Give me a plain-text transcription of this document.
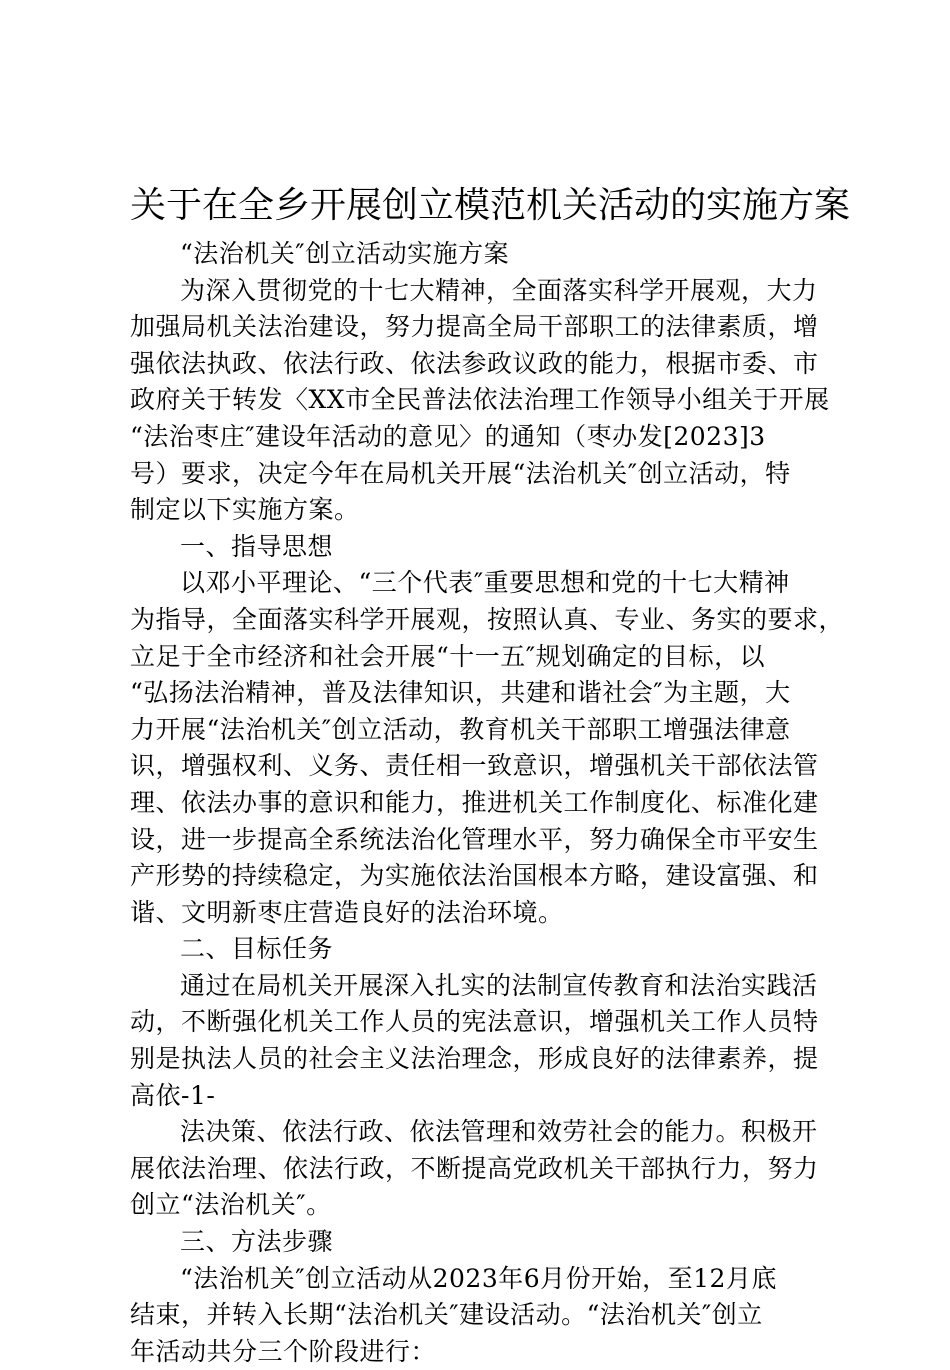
关于在全乡开展创立模范机关活动的实施方案
“法治机关″创立活动实施方案
为深入贯彻党的十七大精神，全面落实科学开展观，大力
加强局机关法治建设，努力提高全局干部职工的法律素质，增
强依法执政、依法行政、依法参政议政的能力，根据市委、市
政府关于转发〈XX市全民普法依法治理工作领导小组关于开展
“法治枣庄″建设年活动的意见〉的通知（枣办发[2023]3
号）要求，决定今年在局机关开展“法治机关″创立活动，特
制定以下实施方案。
一、指导思想
以邓小平理论、“三个代表″重要思想和党的十七大精神
为指导，全面落实科学开展观，按照认真、专业、务实的要求，
立足于全市经济和社会开展“十一五″规划确定的目标，以
“弘扬法治精神，普及法律知识，共建和谐社会″为主题，大
力开展“法治机关″创立活动，教育机关干部职工增强法律意
识，增强权利、义务、责任相一致意识，增强机关干部依法管
理、依法办事的意识和能力，推进机关工作制度化、标准化建
设，进一步提高全系统法治化管理水平，努力确保全市平安生
产形势的持续稳定，为实施依法治国根本方略，建设富强、和
谐、文明新枣庄营造良好的法治环境。
二、目标任务
通过在局机关开展深入扎实的法制宣传教育和法治实践活
动，不断强化机关工作人员的宪法意识，增强机关工作人员特
别是执法人员的社会主义法治理念，形成良好的法律素养，提
高依-1-
法决策、依法行政、依法管理和效劳社会的能力。积极开
展依法治理、依法行政，不断提高党政机关干部执行力，努力
创立“法治机关″。
三、方法步骤
“法治机关″创立活动从2023年6月份开始，至12月底
结束，并转入长期“法治机关″建设活动。“法治机关″创立
年活动共分三个阶段进行：
